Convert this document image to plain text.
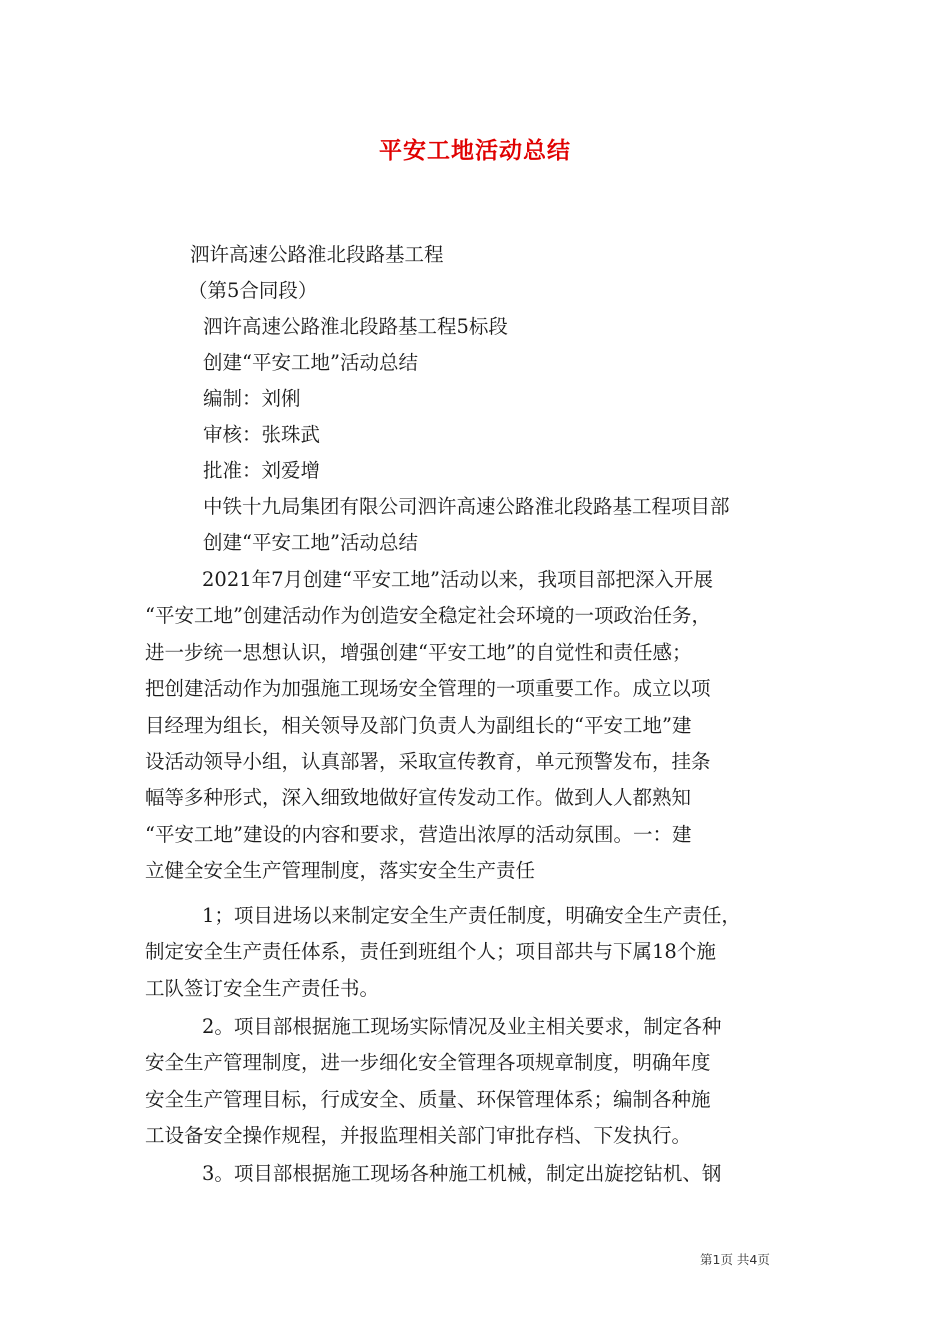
平安工地活动总结
泗许高速公路淮北段路基工程
（第5合同段）
泗许高速公路淮北段路基工程5标段
创建“平安工地”活动总结
编制：刘俐
审核：张珠武
批准：刘爱增
中铁十九局集团有限公司泗许高速公路淮北段路基工程项目部
创建“平安工地”活动总结
2021年7月创建“平安工地”活动以来，我项目部把深入开展
“平安工地”创建活动作为创造安全稳定社会环境的一项政治任务，
进一步统一思想认识，增强创建“平安工地”的自觉性和责任感；
把创建活动作为加强施工现场安全管理的一项重要工作。成立以项
目经理为组长，相关领导及部门负责人为副组长的“平安工地”建
设活动领导小组，认真部署，采取宣传教育，单元预警发布，挂条
幅等多种形式，深入细致地做好宣传发动工作。做到人人都熟知
“平安工地”建设的内容和要求，营造出浓厚的活动氛围。一：建
立健全安全生产管理制度，落实安全生产责任
1；项目进场以来制定安全生产责任制度，明确安全生产责任，
制定安全生产责任体系，责任到班组个人；项目部共与下属18个施
工队签订安全生产责任书。
2。项目部根据施工现场实际情况及业主相关要求，制定各种
安全生产管理制度，进一步细化安全管理各项规章制度，明确年度
安全生产管理目标，行成安全、质量、环保管理体系；编制各种施
工设备安全操作规程，并报监理相关部门审批存档、下发执行。
3。项目部根据施工现场各种施工机械，制定出旋挖钻机、钢
第1页 共4页
